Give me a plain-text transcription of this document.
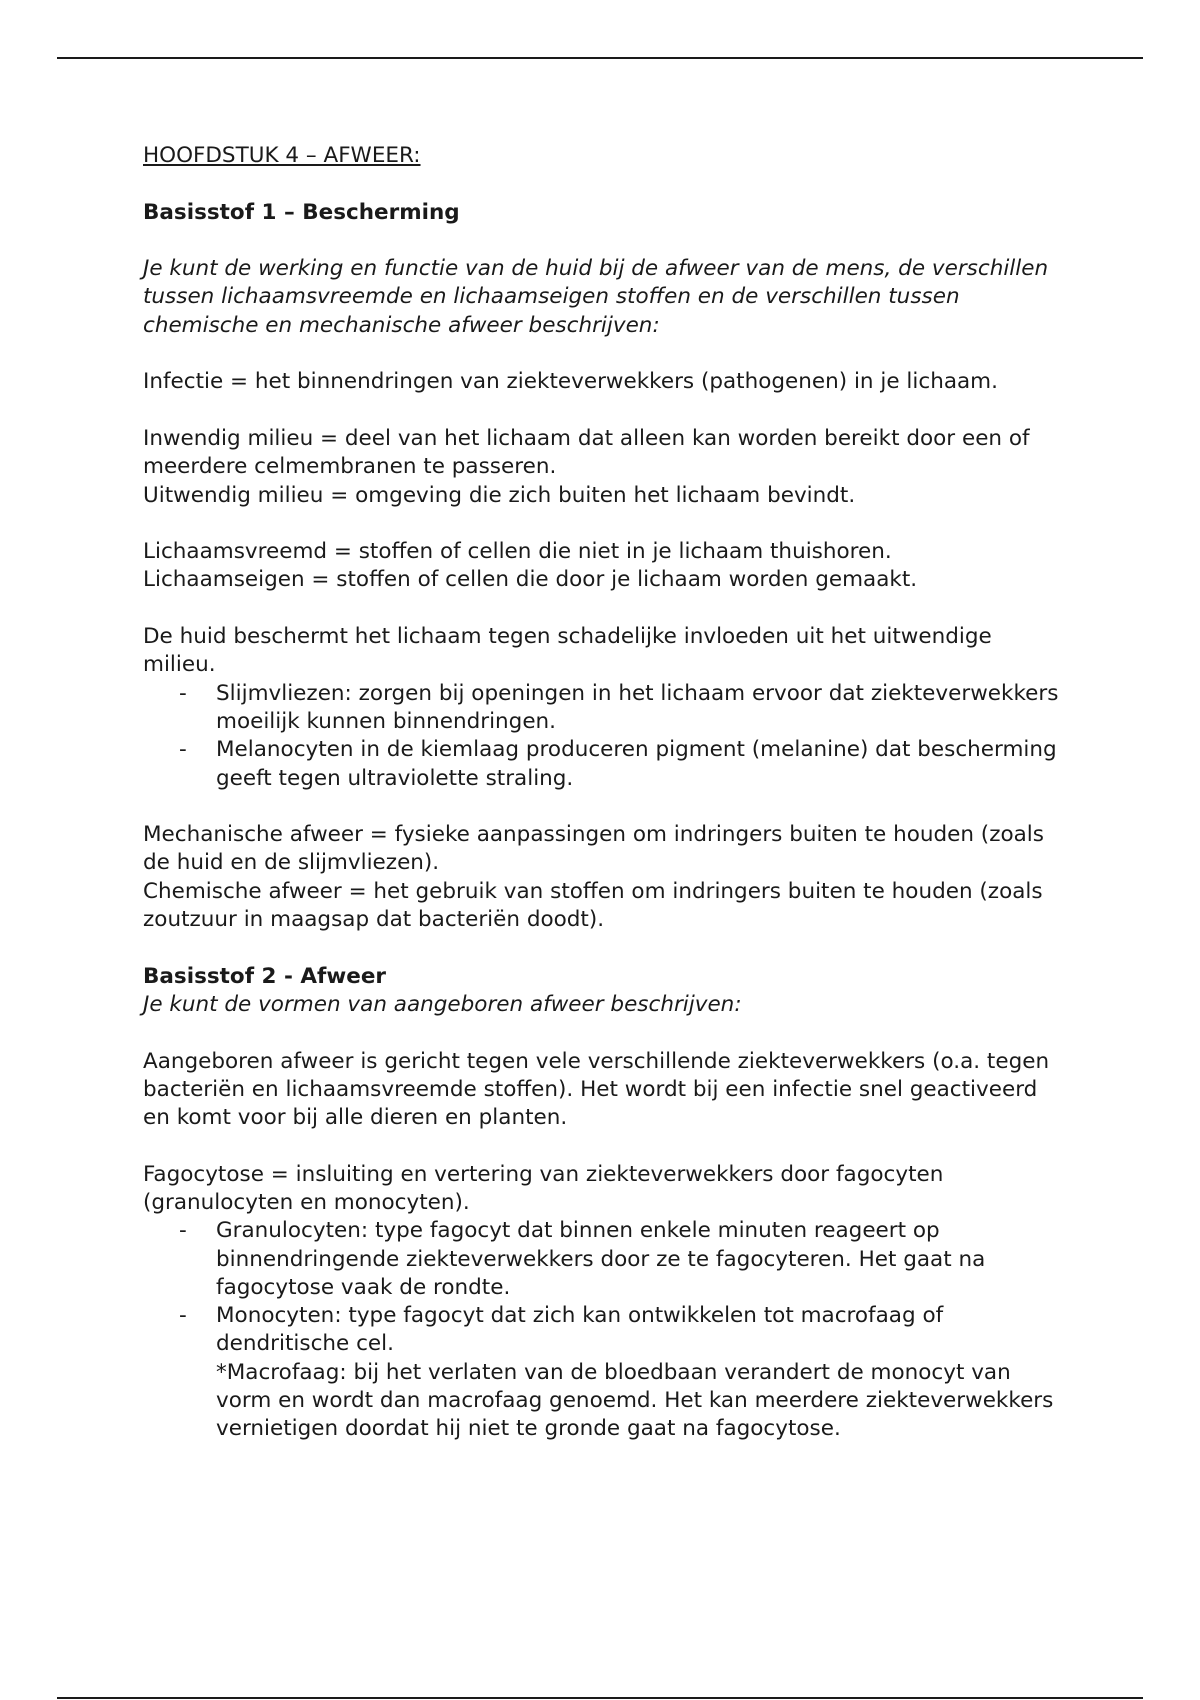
HOOFDSTUK 4 – AFWEER:

Basisstof 1 – Bescherming

Je kunt de werking en functie van de huid bij de afweer van de mens, de verschillen tussen lichaamsvreemde en lichaamseigen stoffen en de verschillen tussen chemische en mechanische afweer beschrijven:

Infectie = het binnendringen van ziekteverwekkers (pathogenen) in je lichaam.

Inwendig milieu = deel van het lichaam dat alleen kan worden bereikt door een of meerdere celmembranen te passeren.

Uitwendig milieu = omgeving die zich buiten het lichaam bevindt.

Lichaamsvreemd = stoffen of cellen die niet in je lichaam thuishoren.

Lichaamseigen = stoffen of cellen die door je lichaam worden gemaakt.

De huid beschermt het lichaam tegen schadelijke invloeden uit het uitwendige milieu.

- Slijmvliezen: zorgen bij openingen in het lichaam ervoor dat ziekteverwekkers moeilijk kunnen binnendringen.
- Melanocyten in de kiemlaag produceren pigment (melanine) dat bescherming geeft tegen ultraviolette straling.

Mechanische afweer = fysieke aanpassingen om indringers buiten te houden (zoals de huid en de slijmvliezen).

Chemische afweer = het gebruik van stoffen om indringers buiten te houden (zoals zoutzuur in maagsap dat bacteriën doodt).

Basisstof 2 - Afweer

Je kunt de vormen van aangeboren afweer beschrijven:

Aangeboren afweer is gericht tegen vele verschillende ziekteverwekkers (o.a. tegen bacteriën en lichaamsvreemde stoffen). Het wordt bij een infectie snel geactiveerd en komt voor bij alle dieren en planten.

Fagocytose = insluiting en vertering van ziekteverwekkers door fagocyten (granulocyten en monocyten).

- Granulocyten: type fagocyt dat binnen enkele minuten reageert op binnendringende ziekteverwekkers door ze te fagocyteren. Het gaat na fagocytose vaak de rondte.
- Monocyten: type fagocyt dat zich kan ontwikkelen tot macrofaag of dendritische cel.
*Macrofaag: bij het verlaten van de bloedbaan verandert de monocyt van vorm en wordt dan macrofaag genoemd. Het kan meerdere ziekteverwekkers vernietigen doordat hij niet te gronde gaat na fagocytose.
